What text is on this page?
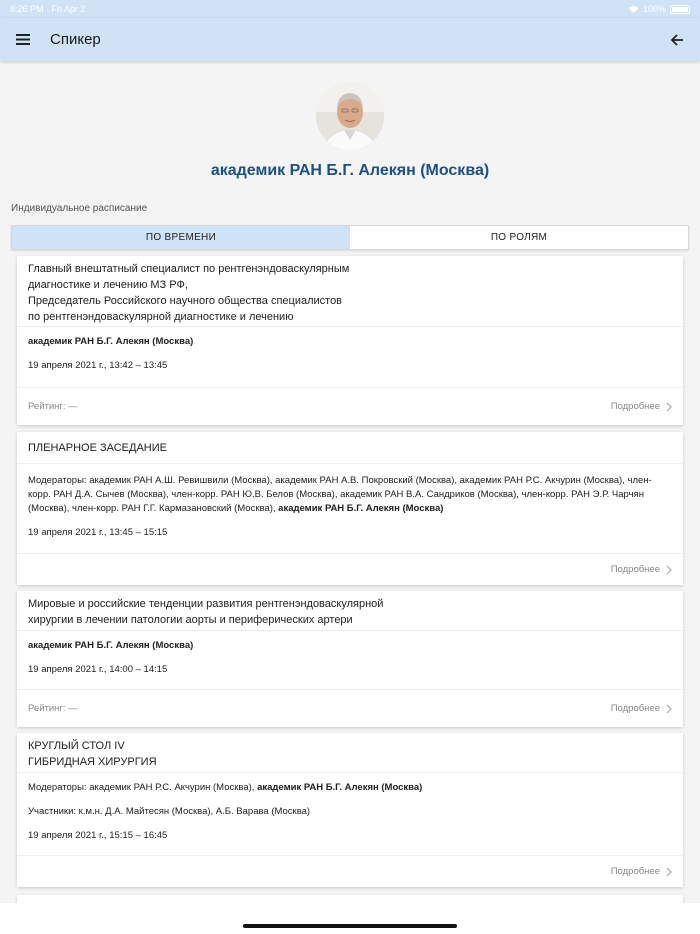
8:26 PM Fri Apr 2	100%
Спикер
академик РАН Б.Г. Алекян (Москва)
Индивидуальное расписание
ПО ВРЕМЕНИ	ПО РОЛЯМ
Главный внештатный специалист по рентгенэндоваскулярным
диагностике и лечению МЗ РФ,
Председатель Российского научного общества специалистов
по рентгенэндоваскулярной диагностике и лечению

академик РАН Б.Г. Алекян (Москва)

19 апреля 2021 г., 13:42 – 13:45

Рейтинг: —	Подробнее
ПЛЕНАРНОЕ ЗАСЕДАНИЕ

Модераторы: академик РАН А.Ш. Ревишвили (Москва), академик РАН А.В. Покровский (Москва), академик РАН Р.С. Акчурин (Москва), член-корр. РАН Д.А. Сычев (Москва), член-корр. РАН Ю.В. Белов (Москва), академик РАН В.А. Сандриков (Москва), член-корр. РАН Э.Р. Чарчян (Москва), член-корр. РАН Г.Г. Кармазановский (Москва), академик РАН Б.Г. Алекян (Москва)

19 апреля 2021 г., 13:45 – 15:15

Подробнее
Мировые и российские тенденции развития рентгенэндоваскулярной
хирургии в лечении патологии аорты и периферических артери

академик РАН Б.Г. Алекян (Москва)

19 апреля 2021 г., 14:00 – 14:15

Рейтинг: —	Подробнее
КРУГЛЫЙ СТОЛ IV
ГИБРИДНАЯ ХИРУРГИЯ

Модераторы: академик РАН Р.С. Акчурин (Москва), академик РАН Б.Г. Алекян (Москва)

Участники: к.м.н. Д.А. Майтесян (Москва), А.Б. Варава (Москва)

19 апреля 2021 г., 15:15 – 16:45

Подробнее
